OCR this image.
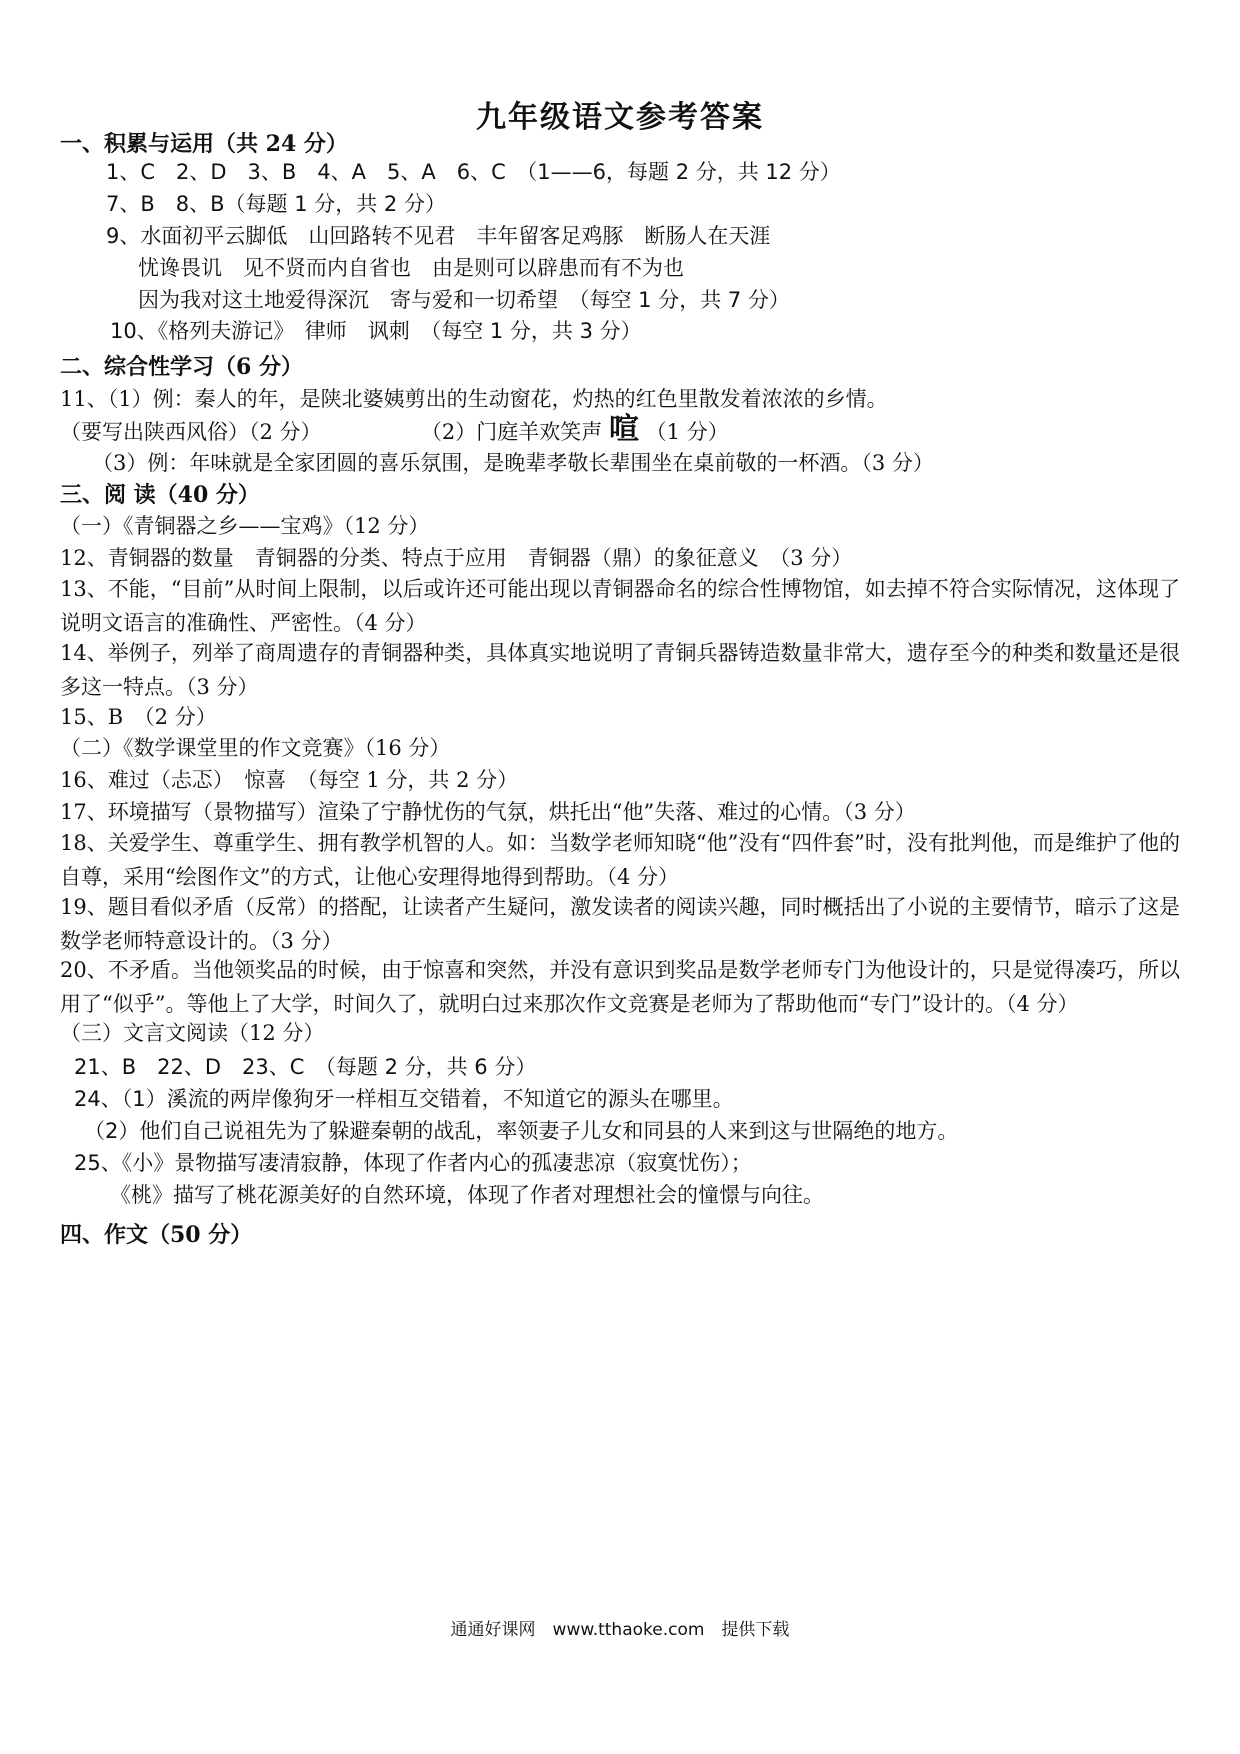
九年级语文参考答案
一、积累与运用（共 24 分）
1、C　2、D　3、B　4、A　5、A　6、C　（1——6，每题 2 分，共 12 分）
7、B　8、B（每题 1 分，共 2 分）
9、水面初平云脚低　山回路转不见君　丰年留客足鸡豚　断肠人在天涯
忧谗畏讥　见不贤而内自省也　由是则可以辟患而有不为也
因为我对这土地爱得深沉　寄与爱和一切希望　（每空 1 分，共 7 分）
10、《格列夫游记》　律师　讽刺　（每空 1 分，共 3 分）
二、综合性学习（6 分）
11、（1）例：秦人的年，是陕北婆姨剪出的生动窗花，灼热的红色里散发着浓浓的乡情。
（要写出陕西风俗）（2 分）	（2）门庭羊欢笑声 喧 （1 分）
（3）例：年味就是全家团圆的喜乐氛围，是晚辈孝敬长辈围坐在桌前敬的一杯酒。（3 分）
三、阅 读（40 分）
（一）《青铜器之乡——宝鸡》（12 分）
12、青铜器的数量　青铜器的分类、特点于应用　青铜器（鼎）的象征意义　（3 分）
13、不能，“目前”从时间上限制，以后或许还可能出现以青铜器命名的综合性博物馆，如去掉不符合实际情况，这体现了说明文语言的准确性、严密性。（4 分）
14、举例子，列举了商周遗存的青铜器种类，具体真实地说明了青铜兵器铸造数量非常大，遗存至今的种类和数量还是很多这一特点。（3 分）
15、B　（2 分）
（二）《数学课堂里的作文竞赛》（16 分）
16、难过（忐忑）　惊喜　（每空 1 分，共 2 分）
17、环境描写（景物描写）渲染了宁静忧伤的气氛，烘托出“他”失落、难过的心情。（3 分）
18、关爱学生、尊重学生、拥有教学机智的人。如：当数学老师知晓“他”没有“四件套”时，没有批判他，而是维护了他的自尊，采用“绘图作文”的方式，让他心安理得地得到帮助。（4 分）
19、题目看似矛盾（反常）的搭配，让读者产生疑问，激发读者的阅读兴趣，同时概括出了小说的主要情节，暗示了这是数学老师特意设计的。（3 分）
20、不矛盾。当他领奖品的时候，由于惊喜和突然，并没有意识到奖品是数学老师专门为他设计的，只是觉得凑巧，所以用了“似乎”。等他上了大学，时间久了，就明白过来那次作文竞赛是老师为了帮助他而“专门”设计的。（4 分）
（三）文言文阅读（12 分）
21、B　22、D　23、C　（每题 2 分，共 6 分）
24、（1）溪流的两岸像狗牙一样相互交错着，不知道它的源头在哪里。
（2）他们自己说祖先为了躲避秦朝的战乱，率领妻子儿女和同县的人来到这与世隔绝的地方。
25、《小》景物描写凄清寂静，体现了作者内心的孤凄悲凉（寂寞忧伤）；
《桃》描写了桃花源美好的自然环境，体现了作者对理想社会的憧憬与向往。
四、作文（50 分）
通通好课网　www.tthaoke.com　提供下载
